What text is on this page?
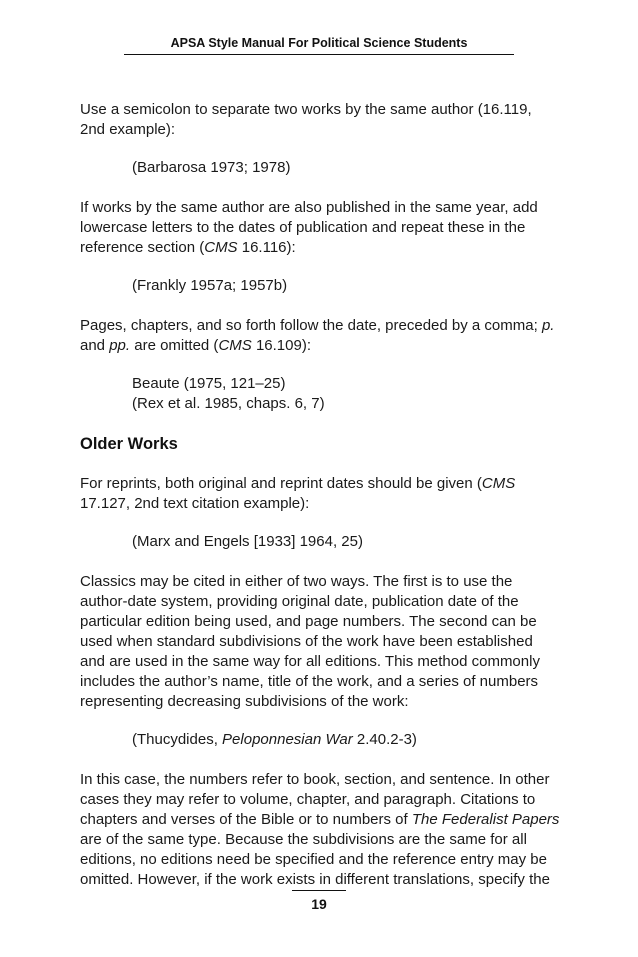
APSA Style Manual For Political Science Students

Use a semicolon to separate two works by the same author (16.119,
2nd example):

(Barbarosa 1973; 1978)

If works by the same author are also published in the same year, add
lowercase letters to the dates of publication and repeat these in the
reference section (CMS 16.116):

(Frankly 1957a; 1957b)

Pages, chapters, and so forth follow the date, preceded by a comma; p.
and pp. are omitted (CMS 16.109):

Beaute (1975, 121–25)
(Rex et al. 1985, chaps. 6, 7)

Older Works

For reprints, both original and reprint dates should be given (CMS
17.127, 2nd text citation example):

(Marx and Engels [1933] 1964, 25)

Classics may be cited in either of two ways. The first is to use the
author-date system, providing original date, publication date of the
particular edition being used, and page numbers. The second can be
used when standard subdivisions of the work have been established
and are used in the same way for all editions. This method commonly
includes the author’s name, title of the work, and a series of numbers
representing decreasing subdivisions of the work:

(Thucydides, Peloponnesian War 2.40.2-3)

In this case, the numbers refer to book, section, and sentence. In other
cases they may refer to volume, chapter, and paragraph. Citations to
chapters and verses of the Bible or to numbers of The Federalist Papers
are of the same type. Because the subdivisions are the same for all
editions, no editions need be specified and the reference entry may be
omitted. However, if the work exists in different translations, specify the

19
